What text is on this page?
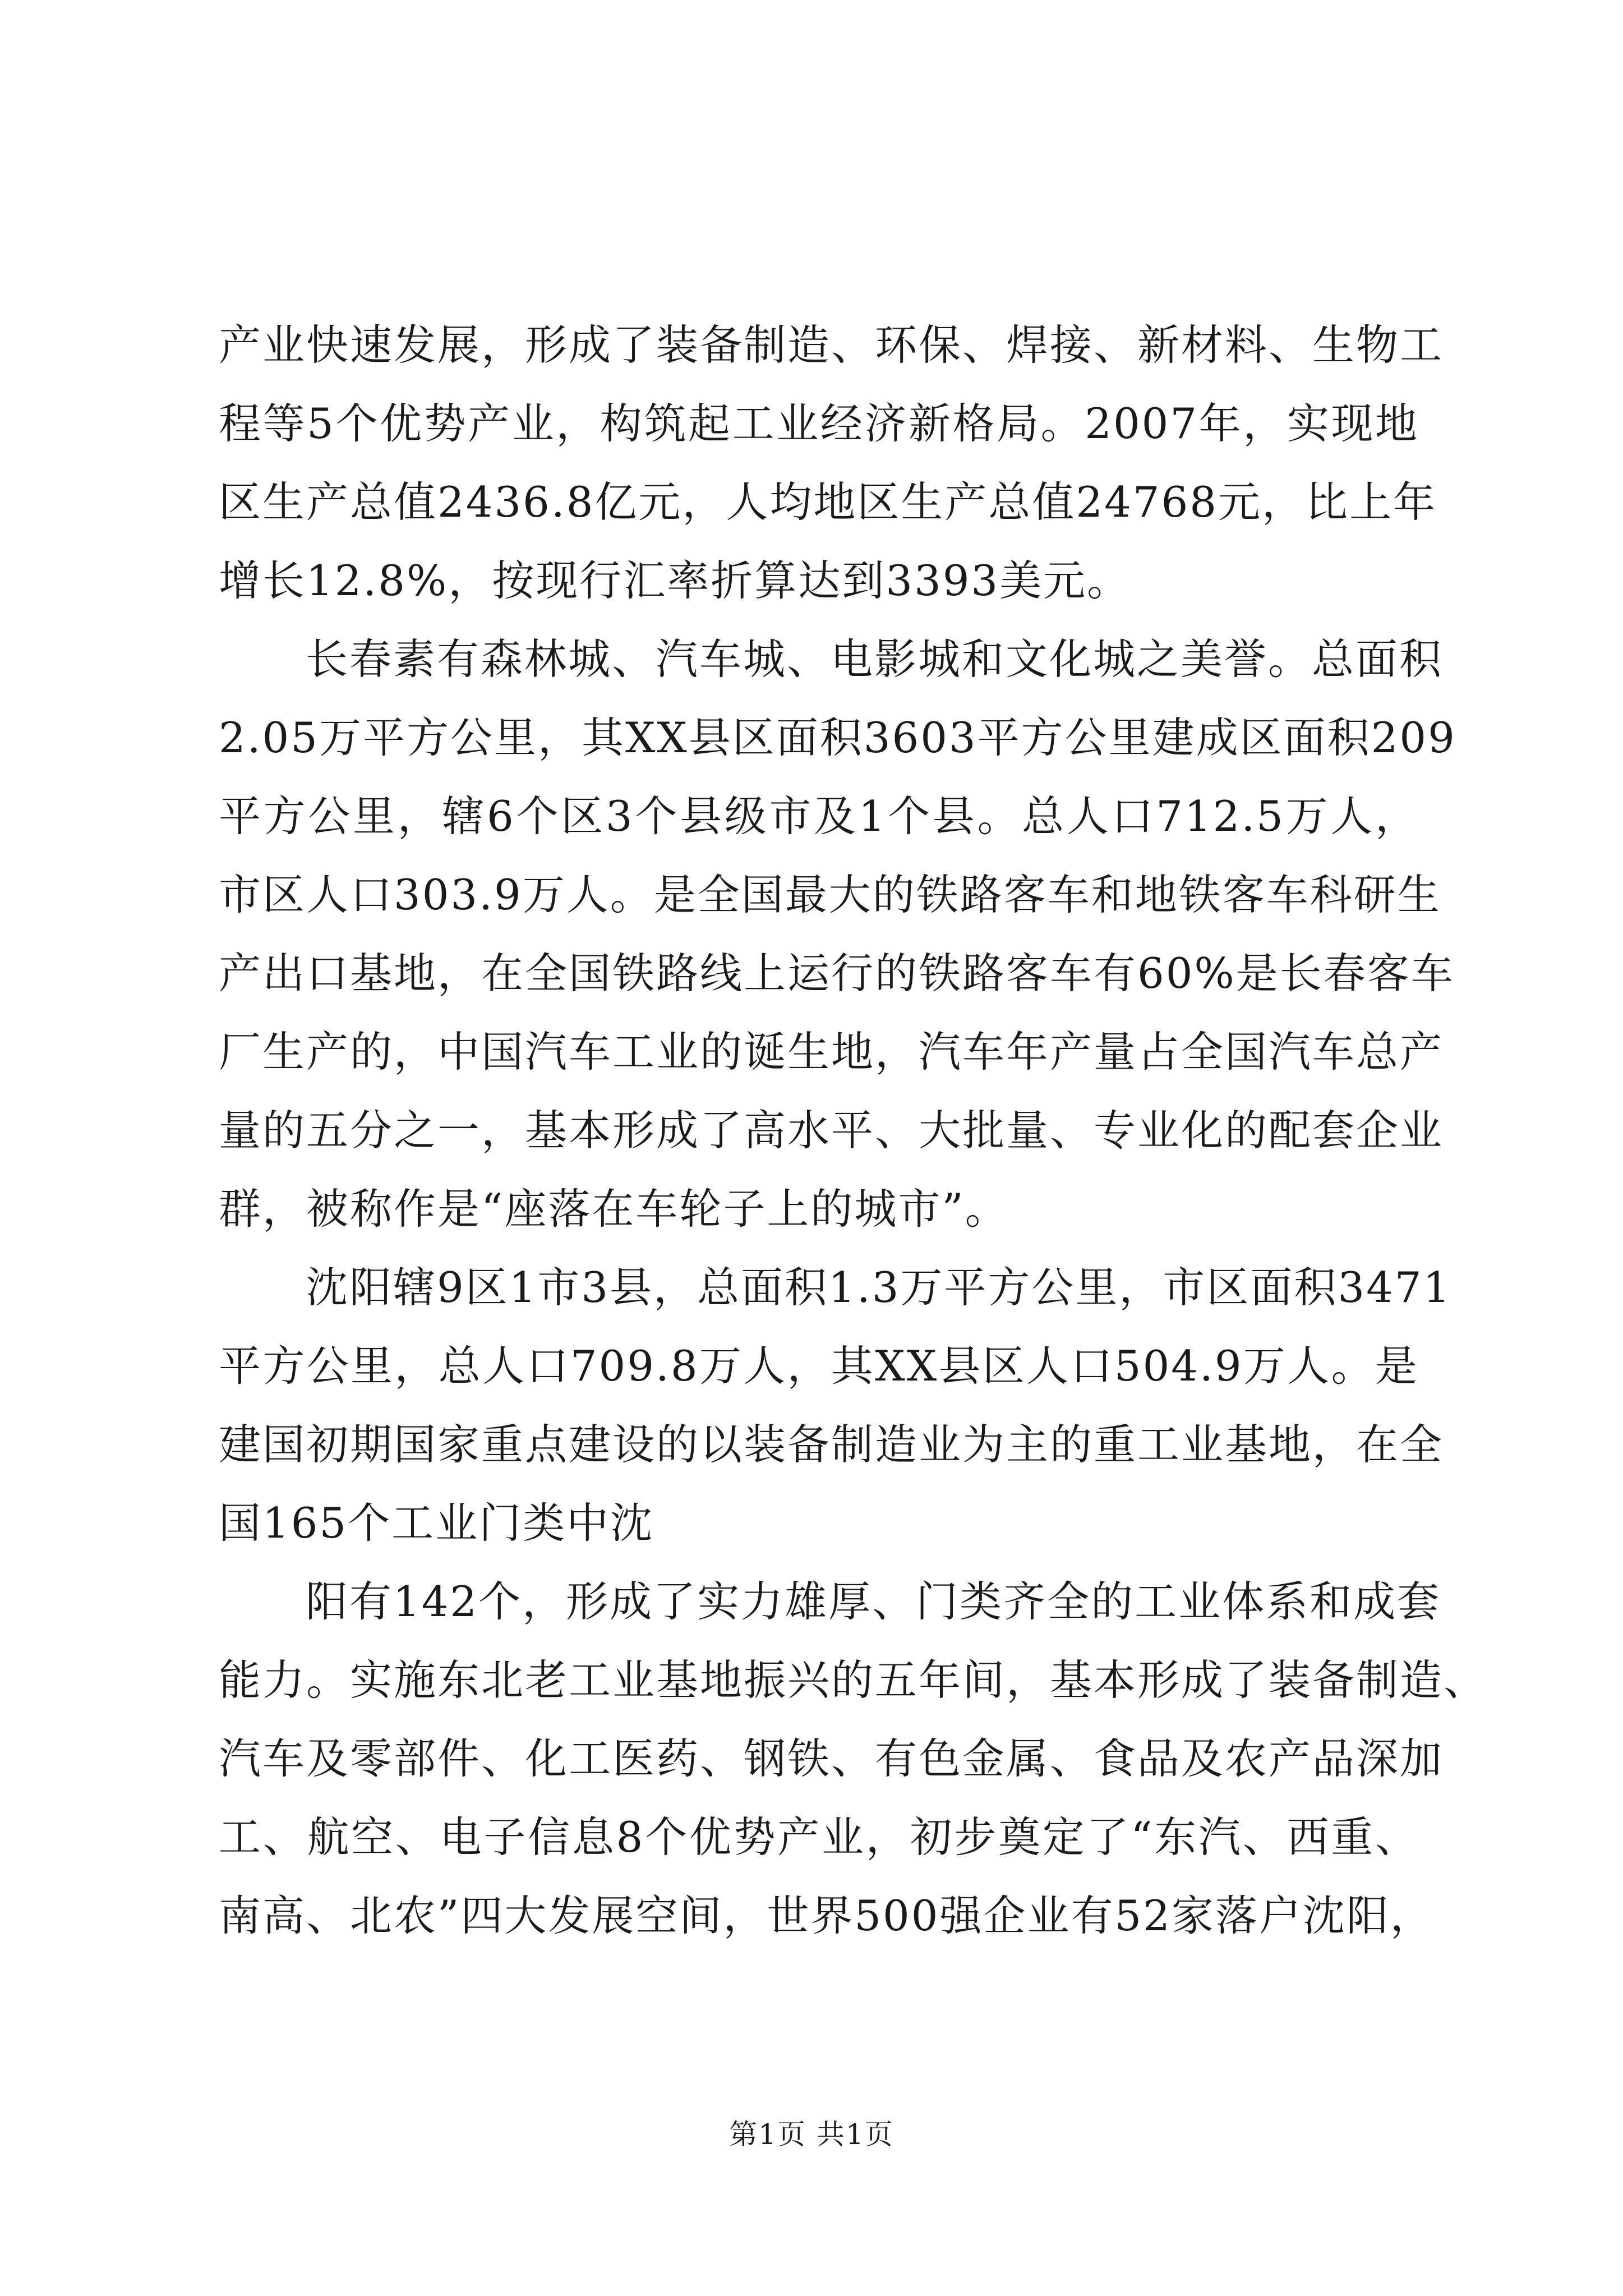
产业快速发展，形成了装备制造、环保、焊接、新材料、生物工
程等5个优势产业，构筑起工业经济新格局。2007年，实现地
区生产总值2436.8亿元，人均地区生产总值24768元，比上年
增长12.8%，按现行汇率折算达到3393美元。
长春素有森林城、汽车城、电影城和文化城之美誉。总面积
2.05万平方公里，其XX县区面积3603平方公里建成区面积209
平方公里，辖6个区3个县级市及1个县。总人口712.5万人，
市区人口303.9万人。是全国最大的铁路客车和地铁客车科研生
产出口基地，在全国铁路线上运行的铁路客车有60%是长春客车
厂生产的，中国汽车工业的诞生地，汽车年产量占全国汽车总产
量的五分之一，基本形成了高水平、大批量、专业化的配套企业
群，被称作是“座落在车轮子上的城市”。
沈阳辖9区1市3县，总面积1.3万平方公里，市区面积3471
平方公里，总人口709.8万人，其XX县区人口504.9万人。是
建国初期国家重点建设的以装备制造业为主的重工业基地，在全
国165个工业门类中沈
阳有142个，形成了实力雄厚、门类齐全的工业体系和成套
能力。实施东北老工业基地振兴的五年间，基本形成了装备制造、
汽车及零部件、化工医药、钢铁、有色金属、食品及农产品深加
工、航空、电子信息8个优势产业，初步奠定了“东汽、西重、
南高、北农”四大发展空间，世界500强企业有52家落户沈阳，
第1页 共1页
